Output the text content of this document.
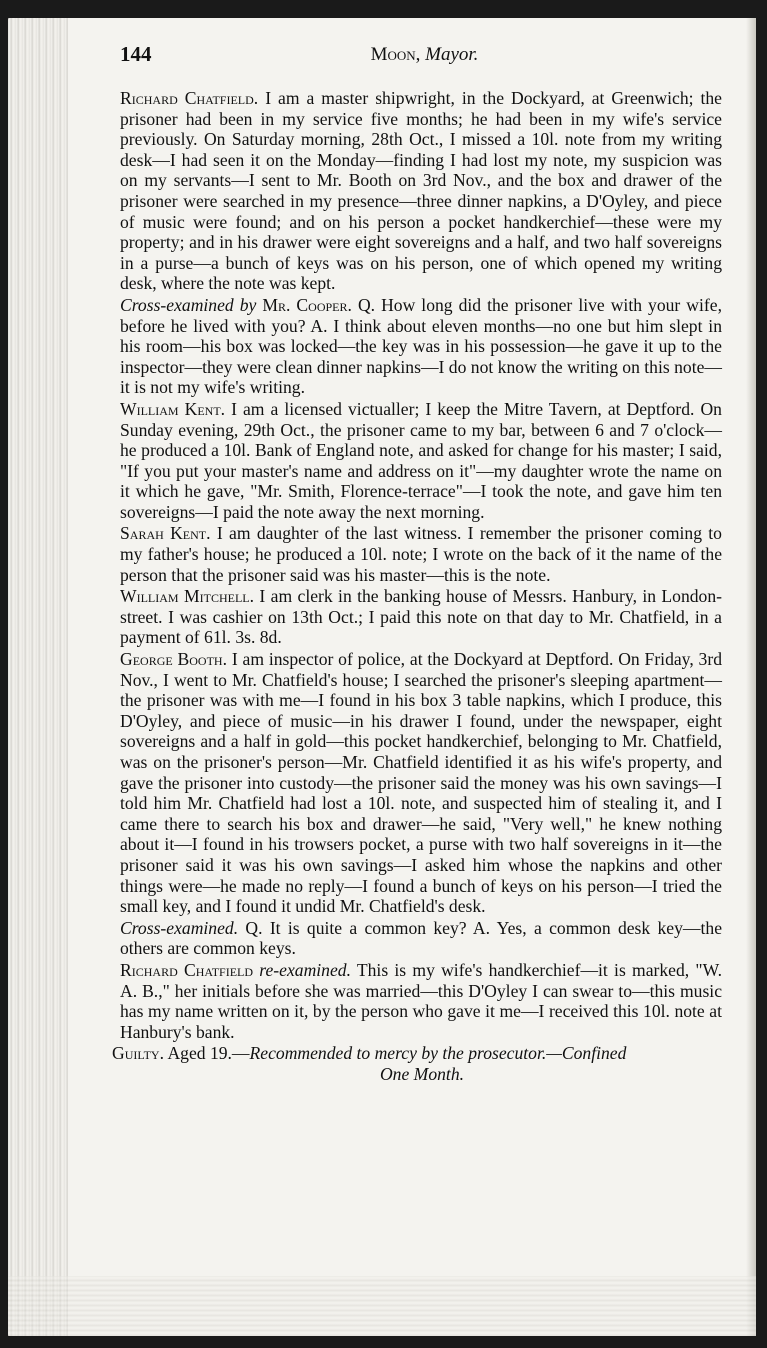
144	Moon, Mayor.

Richard Chatfield. I am a master shipwright, in the Dockyard, at Greenwich; the prisoner had been in my service five months; he had been in my wife's service previously. On Saturday morning, 28th Oct., I missed a 10l. note from my writing desk—I had seen it on the Monday—finding I had lost my note, my suspicion was on my servants—I sent to Mr. Booth on 3rd Nov., and the box and drawer of the prisoner were searched in my presence—three dinner napkins, a D'Oyley, and piece of music were found; and on his person a pocket handkerchief—these were my property; and in his drawer were eight sovereigns and a half, and two half sovereigns in a purse—a bunch of keys was on his person, one of which opened my writing desk, where the note was kept.

Cross-examined by Mr. Cooper. Q. How long did the prisoner live with your wife, before he lived with you? A. I think about eleven months—no one but him slept in his room—his box was locked—the key was in his possession—he gave it up to the inspector—they were clean dinner napkins—I do not know the writing on this note—it is not my wife's writing.

William Kent. I am a licensed victualler; I keep the Mitre Tavern, at Deptford. On Sunday evening, 29th Oct., the prisoner came to my bar, between 6 and 7 o'clock—he produced a 10l. Bank of England note, and asked for change for his master; I said, "If you put your master's name and address on it"—my daughter wrote the name on it which he gave, "Mr. Smith, Florence-terrace"—I took the note, and gave him ten sovereigns—I paid the note away the next morning.

Sarah Kent. I am daughter of the last witness. I remember the prisoner coming to my father's house; he produced a 10l. note; I wrote on the back of it the name of the person that the prisoner said was his master—this is the note.

William Mitchell. I am clerk in the banking house of Messrs. Hanbury, in London-street. I was cashier on 13th Oct.; I paid this note on that day to Mr. Chatfield, in a payment of 61l. 3s. 8d.

George Booth. I am inspector of police, at the Dockyard at Deptford. On Friday, 3rd Nov., I went to Mr. Chatfield's house; I searched the prisoner's sleeping apartment—the prisoner was with me—I found in his box 3 table napkins, which I produce, this D'Oyley, and piece of music—in his drawer I found, under the newspaper, eight sovereigns and a half in gold—this pocket handkerchief, belonging to Mr. Chatfield, was on the prisoner's person—Mr. Chatfield identified it as his wife's property, and gave the prisoner into custody—the prisoner said the money was his own savings—I told him Mr. Chatfield had lost a 10l. note, and suspected him of stealing it, and I came there to search his box and drawer—he said, "Very well," he knew nothing about it—I found in his trowsers pocket, a purse with two half sovereigns in it—the prisoner said it was his own savings—I asked him whose the napkins and other things were—he made no reply—I found a bunch of keys on his person—I tried the small key, and I found it undid Mr. Chatfield's desk.

Cross-examined. Q. It is quite a common key? A. Yes, a common desk key—the others are common keys.

Richard Chatfield re-examined. This is my wife's handkerchief—it is marked, "W. A. B.," her initials before she was married—this D'Oyley I can swear to—this music has my name written on it, by the person who gave it me—I received this 10l. note at Hanbury's bank.

Guilty. Aged 19.—Recommended to mercy by the prosecutor.—Confined

One Month.
